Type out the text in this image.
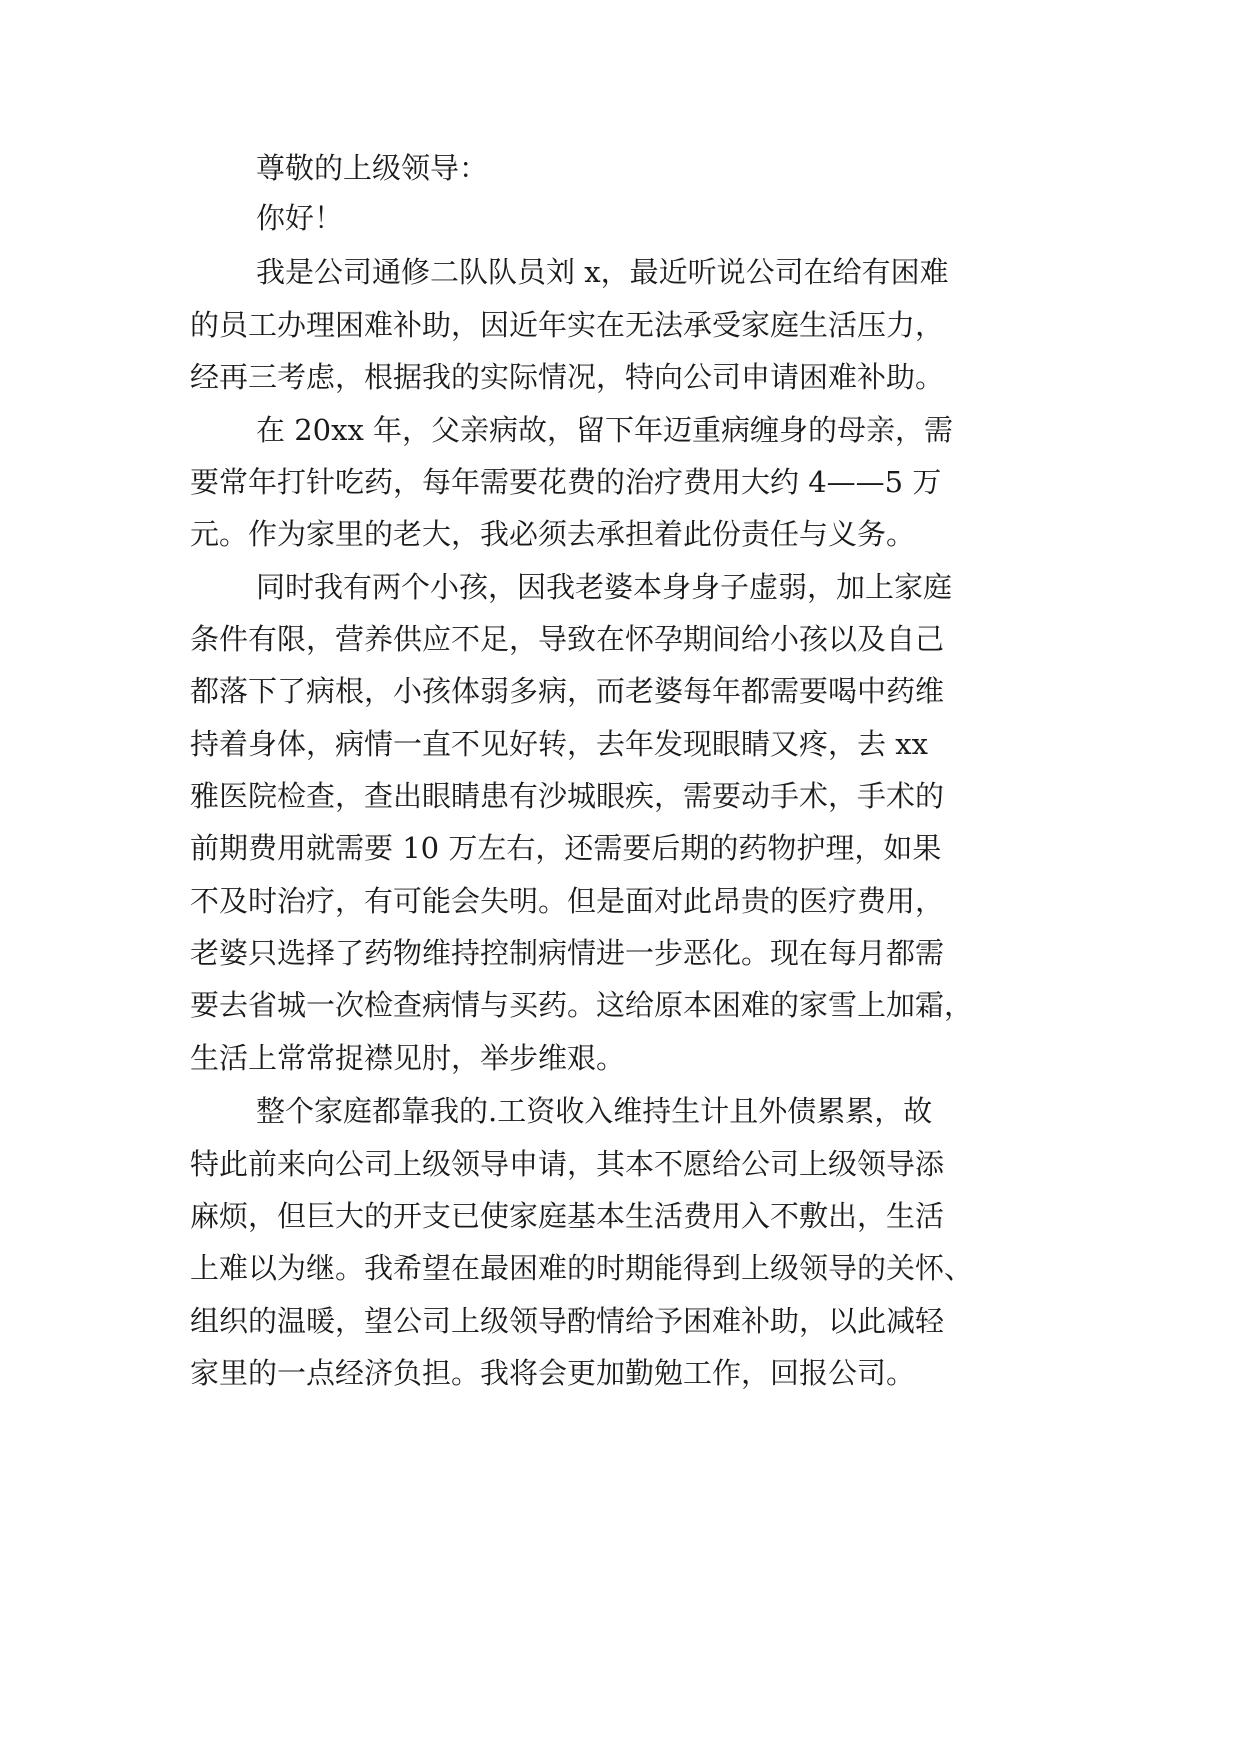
尊敬的上级领导：

你好！

我是公司通修二队队员刘 x，最近听说公司在给有困难

的员工办理困难补助，因近年实在无法承受家庭生活压力，

经再三考虑，根据我的实际情况，特向公司申请困难补助。

在 20xx 年，父亲病故，留下年迈重病缠身的母亲，需

要常年打针吃药，每年需要花费的治疗费用大约 4——5 万

元。作为家里的老大，我必须去承担着此份责任与义务。

同时我有两个小孩，因我老婆本身身子虚弱，加上家庭

条件有限，营养供应不足，导致在怀孕期间给小孩以及自己

都落下了病根，小孩体弱多病，而老婆每年都需要喝中药维

持着身体，病情一直不见好转，去年发现眼睛又疼，去 xx

雅医院检查，查出眼睛患有沙城眼疾，需要动手术，手术的

前期费用就需要 10 万左右，还需要后期的药物护理，如果

不及时治疗，有可能会失明。但是面对此昂贵的医疗费用，

老婆只选择了药物维持控制病情进一步恶化。现在每月都需

要去省城一次检查病情与买药。这给原本困难的家雪上加霜，

生活上常常捉襟见肘，举步维艰。

整个家庭都靠我的.工资收入维持生计且外债累累，故

特此前来向公司上级领导申请，其本不愿给公司上级领导添

麻烦，但巨大的开支已使家庭基本生活费用入不敷出，生活

上难以为继。我希望在最困难的时期能得到上级领导的关怀、

组织的温暖，望公司上级领导酌情给予困难补助，以此减轻

家里的一点经济负担。我将会更加勤勉工作，回报公司。
